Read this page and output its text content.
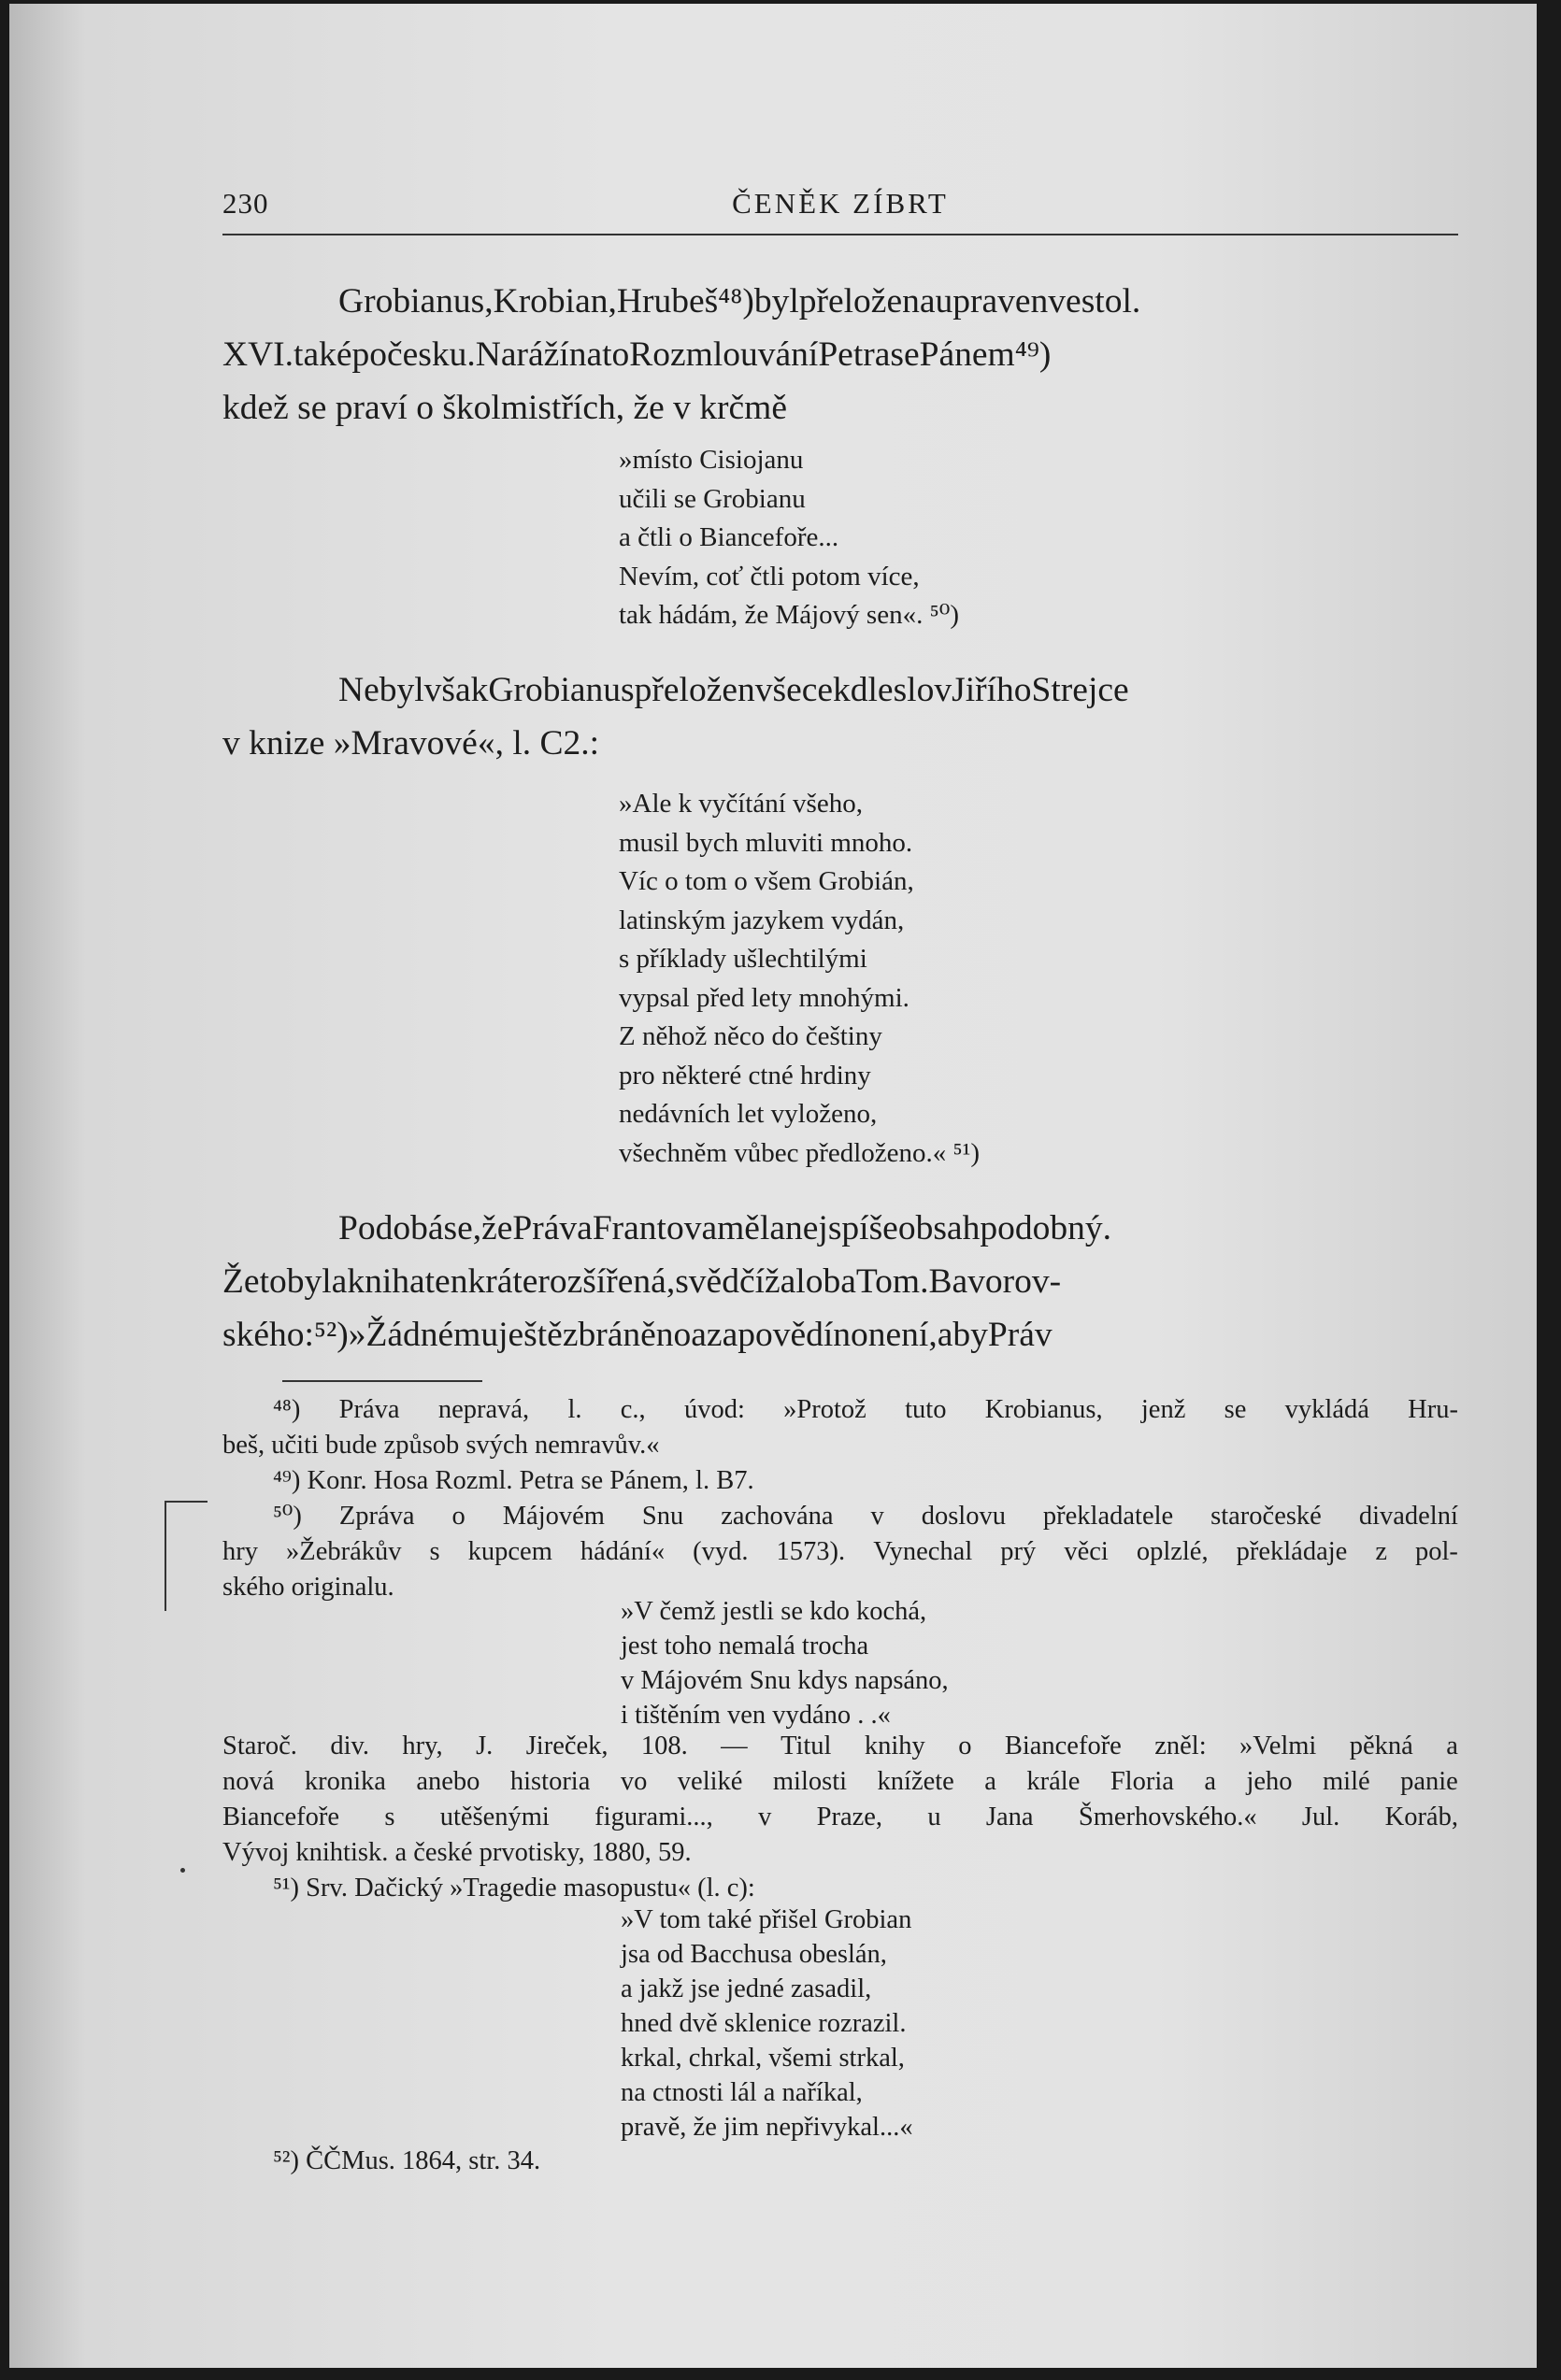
230	ČENĚK ZÍBRT
Grobianus,Krobian,Hrubeš⁴⁸)bylpřeloženaupravenvestol.
XVI.taképočesku.NarážínatoRozmlouváníPetrasePánem⁴⁹)
kdež se praví o školmistřích, že v krčmě
»místo Cisiojanu
učili se Grobianu
a čtli o Biancefoře...
Nevím, coť čtli potom více,
tak hádám, že Májový sen«. ⁵⁰)
NebylvšakGrobianuspřeloženvšecekdleslovJiříhoStrejce
v knize »Mravové«, l. C2.:
»Ale k vyčítání všeho,
musil bych mluviti mnoho.
Víc o tom o všem Grobián,
latinským jazykem vydán,
s příklady ušlechtilými
vypsal před lety mnohými.
Z něhož něco do češtiny
pro některé ctné hrdiny
nedávních let vyloženo,
všechněm vůbec předloženo.« ⁵¹)
Podobáse,žePrávaFrantovamělanejspíšeobsahpodobný.
Žetobylaknihatenkráterozšířená,svědčížalobaTom.Bavorov-
ského:⁵²)»Žádnémuještězbráněnoazapovědínonení,abyPráv
⁴⁸) Práva nepravá, l. c., úvod: »Protož tuto Krobianus, jenž se vykládá Hru-
beš, učiti bude způsob svých nemravův.«
⁴⁹) Konr. Hosa Rozml. Petra se Pánem, l. B7.
⁵⁰) Zpráva o Májovém Snu zachována v doslovu překladatele staročeské divadelní
hry »Žebrákův s kupcem hádání« (vyd. 1573). Vynechal prý věci oplzlé, překládaje z pol-
ského originalu.
»V čemž jestli se kdo kochá,
jest toho nemalá trocha
v Májovém Snu kdys napsáno,
i tištěním ven vydáno . .«
Staroč. div. hry, J. Jireček, 108. — Titul knihy o Biancefoře zněl: »Velmi pěkná a
nová kronika anebo historia vo veliké milosti knížete a krále Floria a jeho milé panie
Biancefoře s utěšenými figurami..., v Praze, u Jana Šmerhovského.« Jul. Koráb,
Vývoj knihtisk. a české prvotisky, 1880, 59.
⁵¹) Srv. Dačický »Tragedie masopustu« (l. c):
»V tom také přišel Grobian
jsa od Bacchusa obeslán,
a jakž jse jedné zasadil,
hned dvě sklenice rozrazil.
krkal, chrkal, všemi strkal,
na ctnosti lál a naříkal,
pravě, že jim nepřivykal...«
⁵²) ČČMus. 1864, str. 34.
